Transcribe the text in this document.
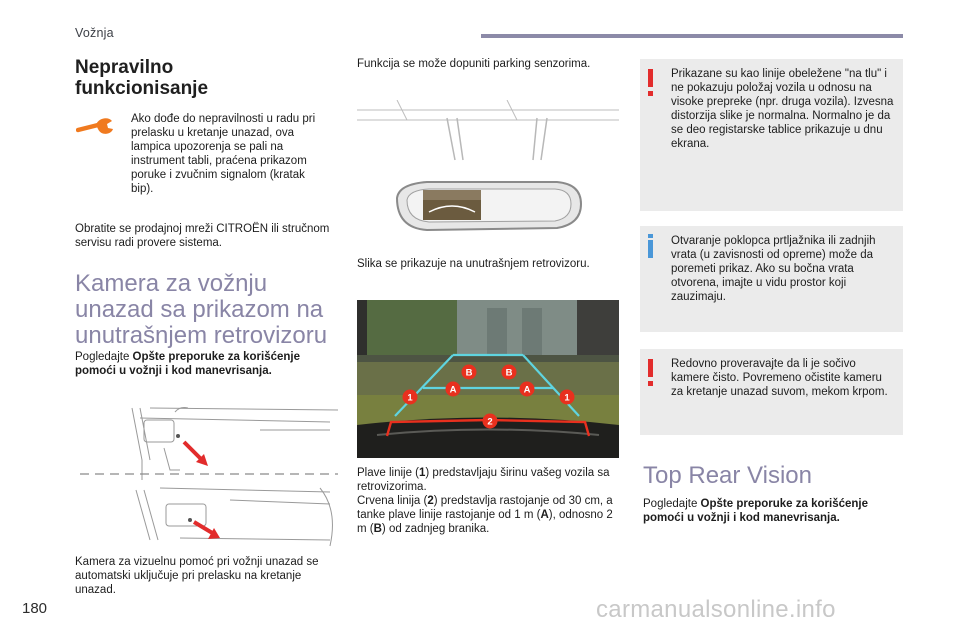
Vožnja
Nepravilno funkcionisanje
Ako dođe do nepravilnosti u radu pri prelasku u kretanje unazad, ova lampica upozorenja se pali na instrument tabli, praćena prikazom poruke i zvučnim signalom (kratak bip).
Obratite se prodajnoj mreži CITROËN ili stručnom servisu radi provere sistema.
Kamera za vožnju unazad sa prikazom na unutrašnjem retrovizoru
Pogledajte Opšte preporuke za korišćenje pomoći u vožnji i kod manevrisanja.
Kamera za vizuelnu pomoć pri vožnji unazad se automatski uključuje pri prelasku na kretanje unazad.
Funkcija se može dopuniti parking senzorima.
Slika se prikazuje na unutrašnjem retrovizoru.
1	1
A	A
B	B
2
Plave linije (1) predstavljaju širinu vašeg vozila sa retrovizorima.
Crvena linija (2) predstavlja rastojanje od 30 cm, a tanke plave linije rastojanje od 1 m (A), odnosno 2 m (B) od zadnjeg branika.
Prikazane su kao linije obeležene "na tlu" i ne pokazuju položaj vozila u odnosu na visoke prepreke (npr. druga vozila). Izvesna distorzija slike je normalna. Normalno je da se deo registarske tablice prikazuje u dnu ekrana.
Otvaranje poklopca prtljažnika ili zadnjih vrata (u zavisnosti od opreme) može da poremeti prikaz. Ako su bočna vrata otvorena, imajte u vidu prostor koji zauzimaju.
Redovno proveravajte da li je sočivo kamere čisto. Povremeno očistite kameru za kretanje unazad suvom, mekom krpom.
Top Rear Vision
Pogledajte Opšte preporuke za korišćenje pomoći u vožnji i kod manevrisanja.
180	carmanualsonline.info
